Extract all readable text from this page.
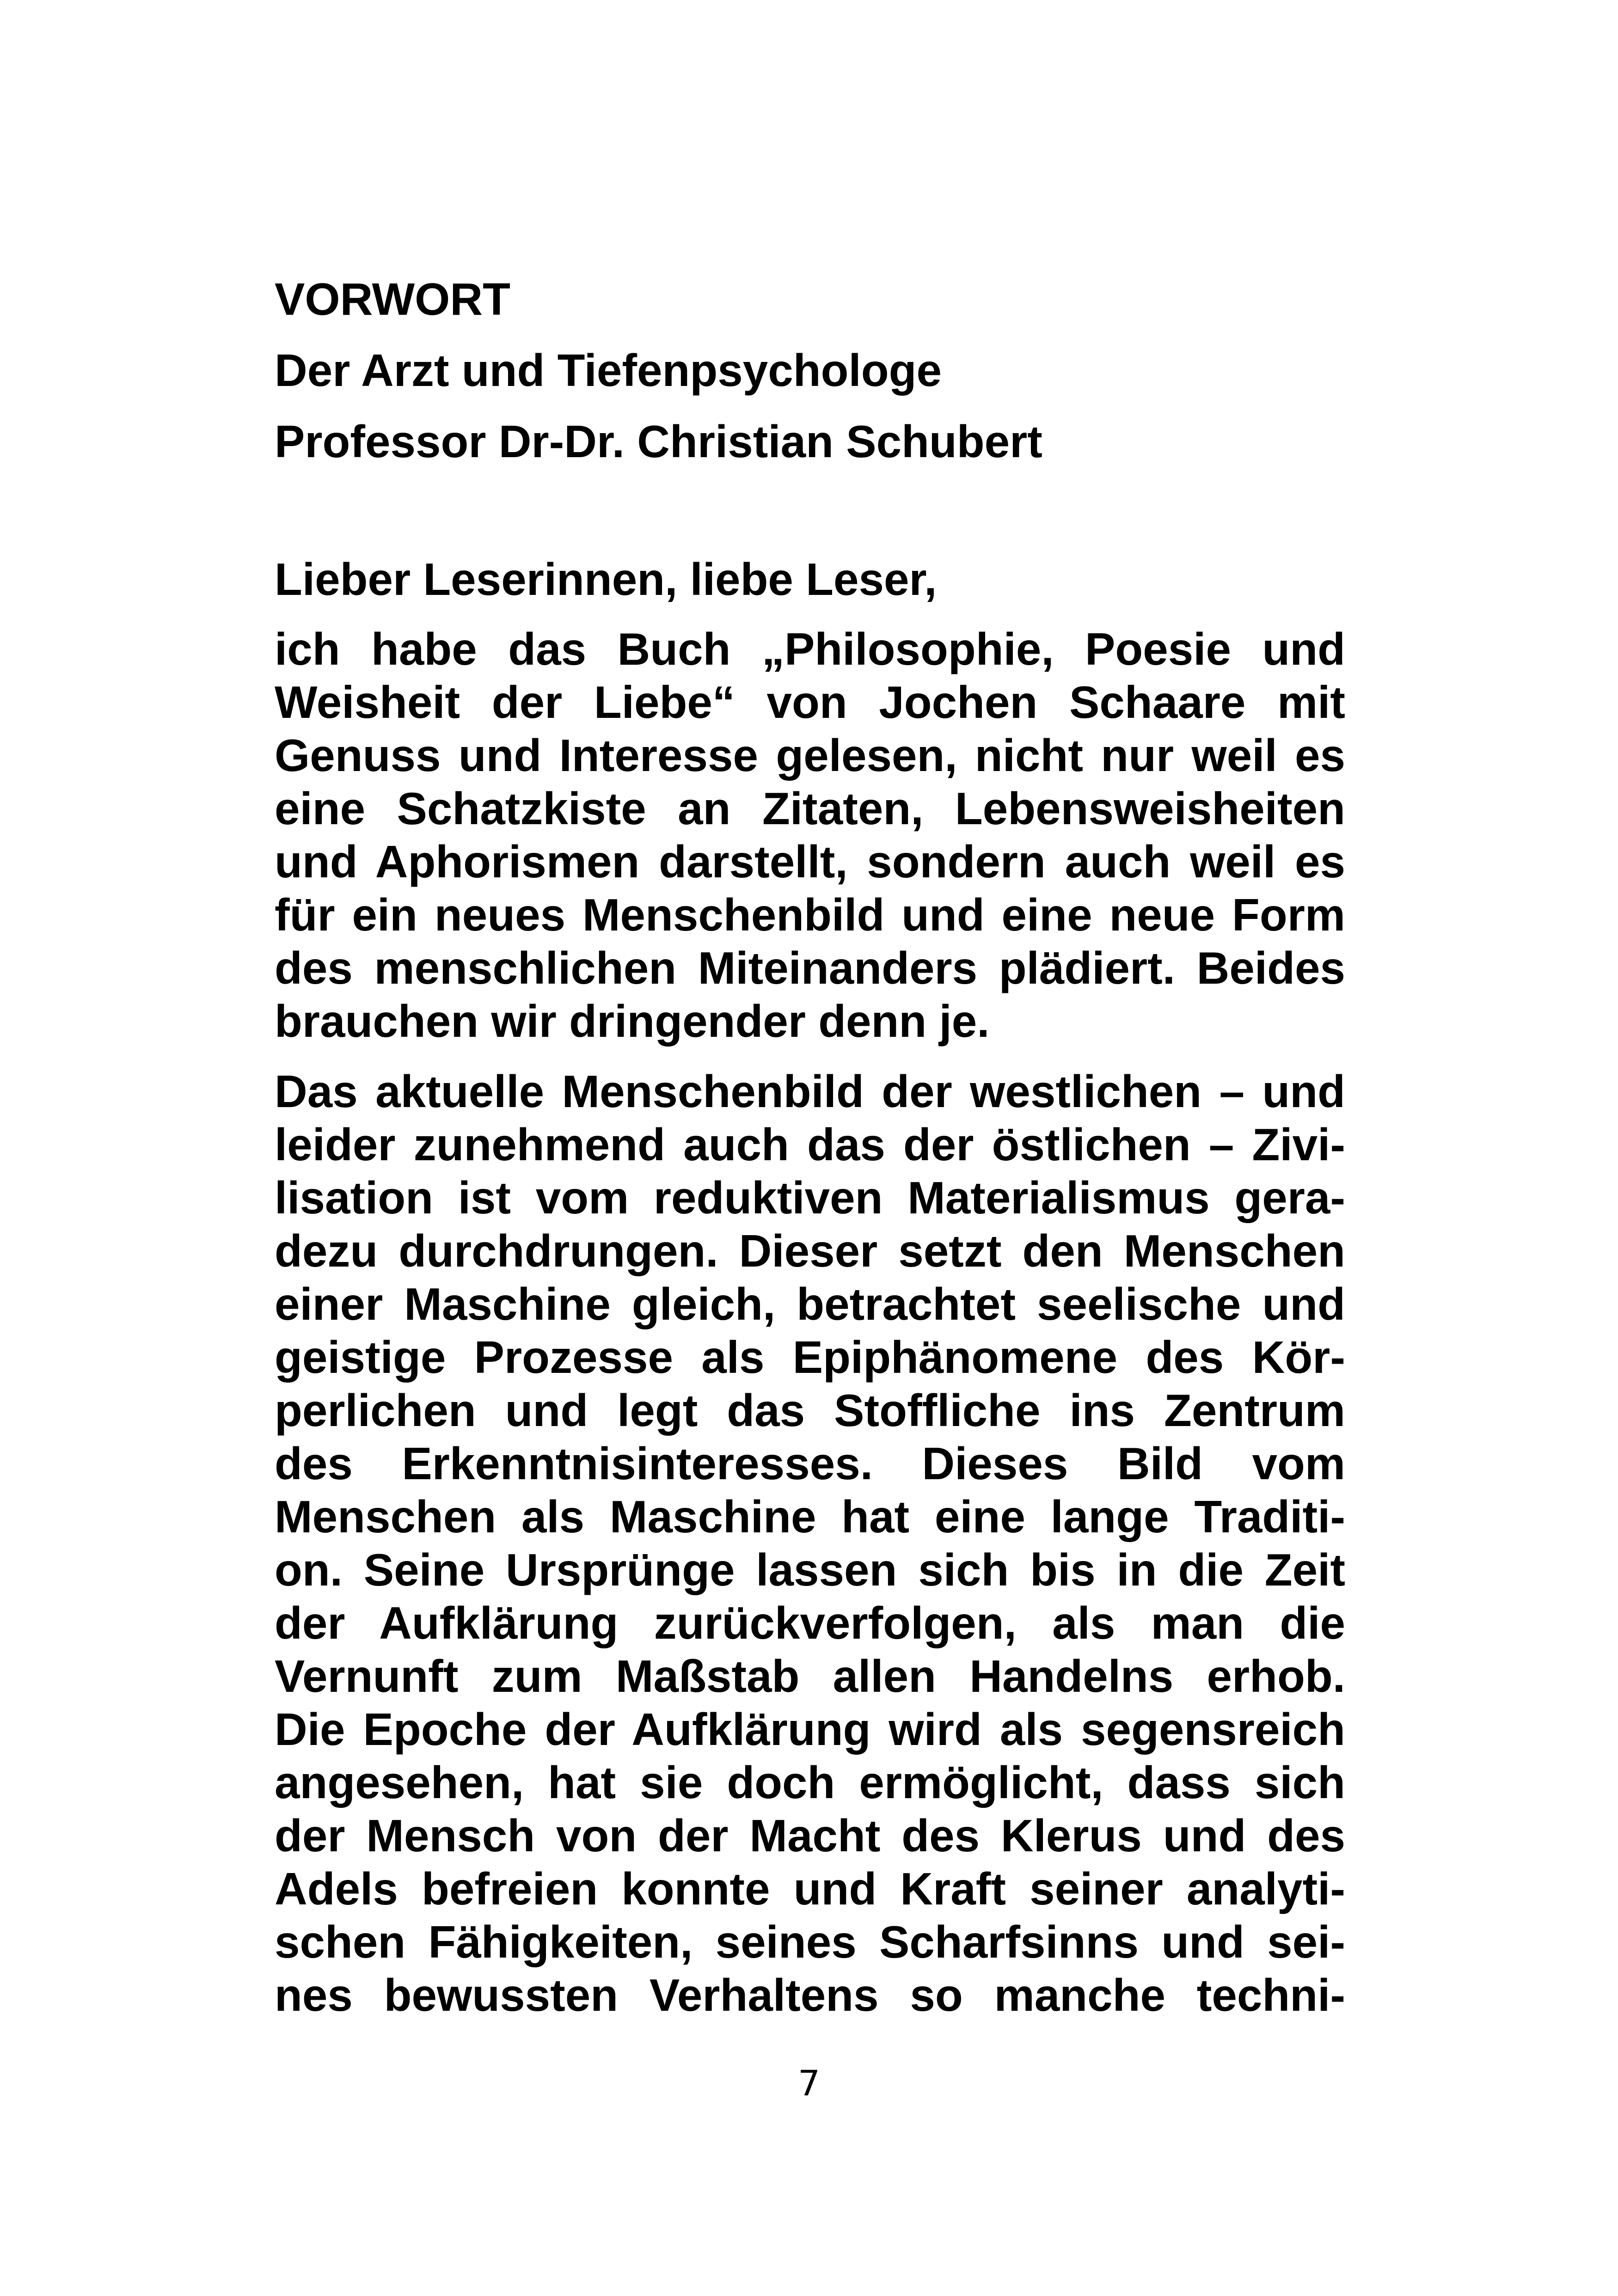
VORWORT
Der Arzt und Tiefenpsychologe
Professor Dr-Dr. Christian Schubert
Lieber Leserinnen, liebe Leser,
ich habe das Buch „Philosophie, Poesie und
Weisheit der Liebe“ von Jochen Schaare mit
Genuss und Interesse gelesen, nicht nur weil es
eine Schatzkiste an Zitaten, Lebensweisheiten
und Aphorismen darstellt, sondern auch weil es
für ein neues Menschenbild und eine neue Form
des menschlichen Miteinanders plädiert. Beides
brauchen wir dringender denn je.
Das aktuelle Menschenbild der westlichen – und
leider zunehmend auch das der östlichen – Zivi-
lisation ist vom reduktiven Materialismus gera-
dezu durchdrungen. Dieser setzt den Menschen
einer Maschine gleich, betrachtet seelische und
geistige Prozesse als Epiphänomene des Kör-
perlichen und legt das Stoffliche ins Zentrum
des Erkenntnisinteresses. Dieses Bild vom
Menschen als Maschine hat eine lange Traditi-
on. Seine Ursprünge lassen sich bis in die Zeit
der Aufklärung zurückverfolgen, als man die
Vernunft zum Maßstab allen Handelns erhob.
Die Epoche der Aufklärung wird als segensreich
angesehen, hat sie doch ermöglicht, dass sich
der Mensch von der Macht des Klerus und des
Adels befreien konnte und Kraft seiner analyti-
schen Fähigkeiten, seines Scharfsinns und sei-
nes bewussten Verhaltens so manche techni-
7
